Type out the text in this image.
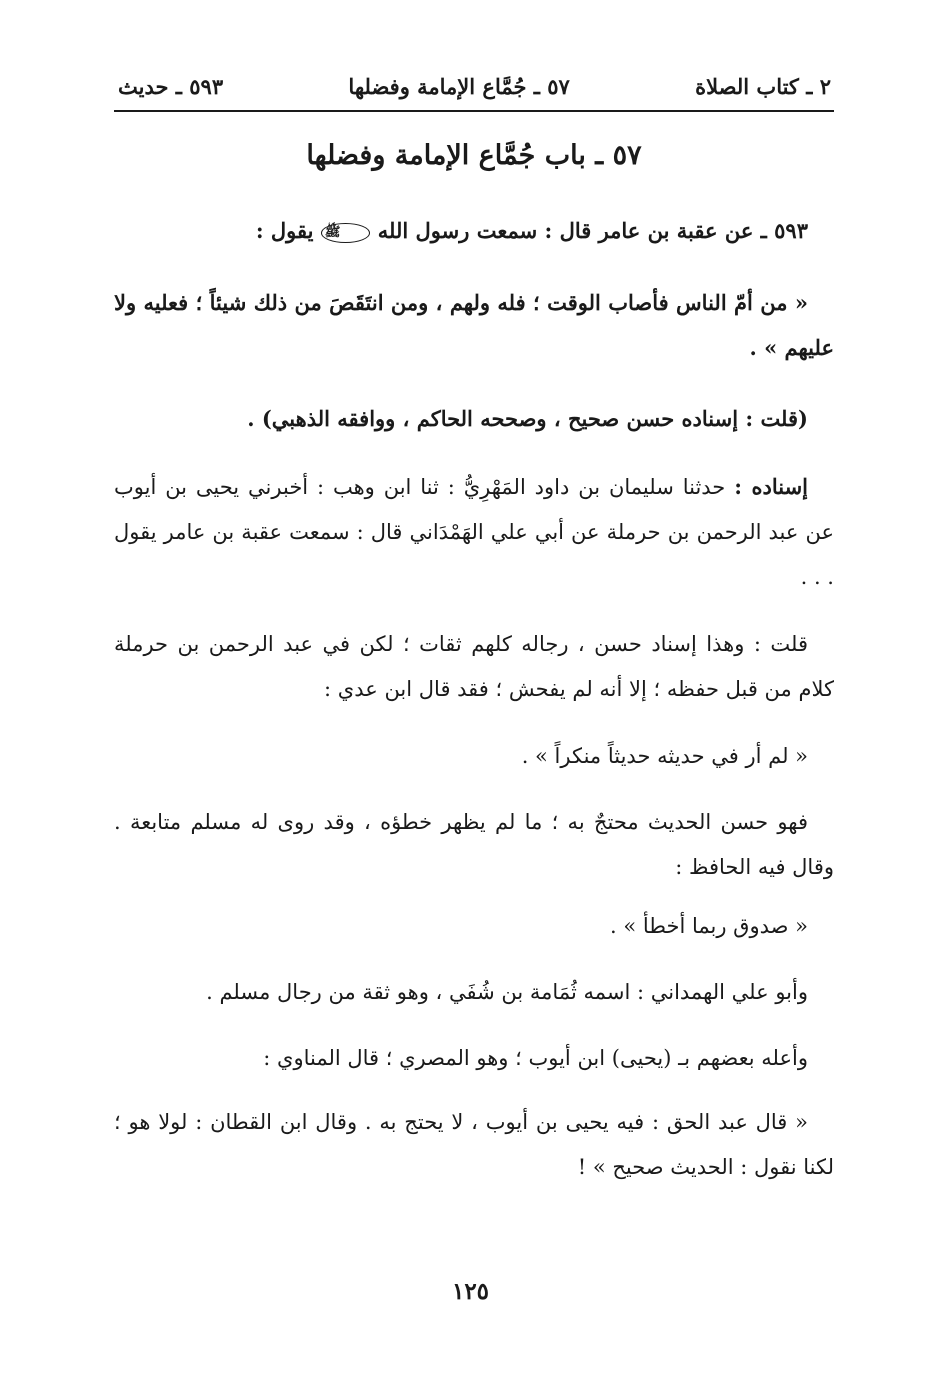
٢ ـ كتاب الصلاة
٥٧ ـ جُمَّاع الإمامة وفضلها
٥٩٣ ـ حديث
٥٧ ـ باب جُمَّاع الإمامة وفضلها

٥٩٣ ـ عن عقبة بن عامر قال : سمعت رسول الله ﷺ يقول :

« من أمّ الناس فأصاب الوقت ؛ فله ولهم ، ومن انتَقَصَ من ذلك شيئاً ؛ فعليه ولا عليهم » .

(قلت : إسناده حسن صحيح ، وصححه الحاكم ، ووافقه الذهبي) .

إسناده : حدثنا سليمان بن داود المَهْرِيُّ : ثنا ابن وهب : أخبرني يحيى بن أيوب عن عبد الرحمن بن حرملة عن أبي علي الهَمْدَاني قال : سمعت عقبة بن عامر يقول . . .

قلت : وهذا إسناد حسن ، رجاله كلهم ثقات ؛ لكن في عبد الرحمن بن حرملة كلام من قبل حفظه ؛ إلا أنه لم يفحش ؛ فقد قال ابن عدي :

« لم أر في حديثه حديثاً منكراً » .

فهو حسن الحديث محتجٌ به ؛ ما لم يظهر خطؤه ، وقد روى له مسلم متابعة . وقال فيه الحافظ :

« صدوق ربما أخطأ » .

وأبو علي الهمداني : اسمه ثُمَامة بن شُفَي ، وهو ثقة من رجال مسلم .

وأعله بعضهم بـ (يحيى) ابن أيوب ؛ وهو المصري ؛ قال المناوي :

« قال عبد الحق : فيه يحيى بن أيوب ، لا يحتج به . وقال ابن القطان : لولا هو ؛ لكنا نقول : الحديث صحيح » !

١٢٥
